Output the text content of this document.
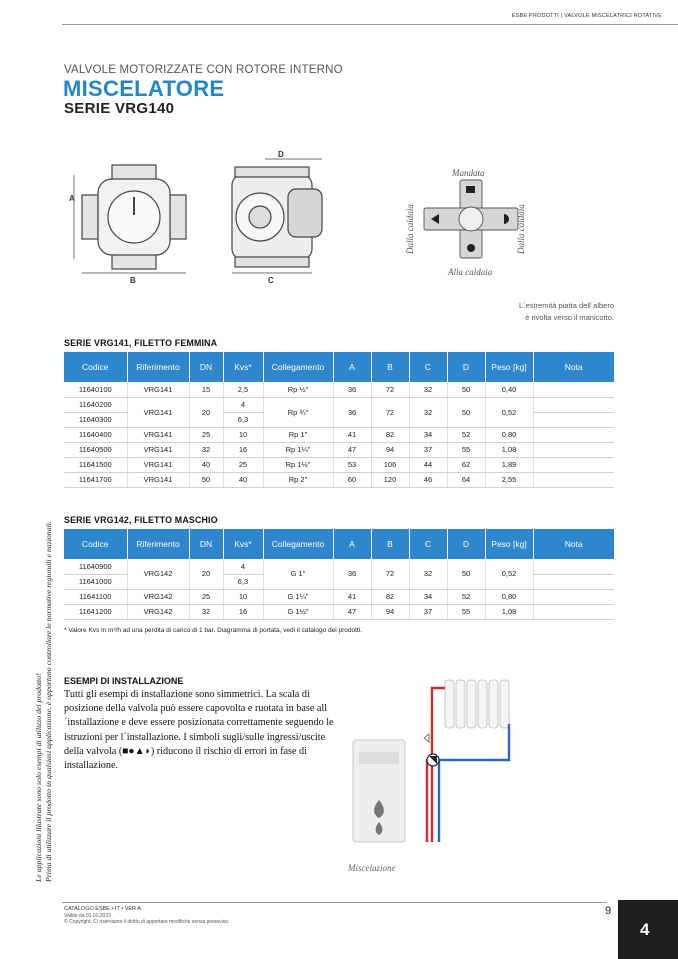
ESBE PRODOTTI | VALVOLE MISCELATRICI ROTATIVE
VALVOLE MOTORIZZATE CON ROTORE INTERNO
MISCELATORE
SERIE VRG140
A
B	C
D
Mandata
Alla caldaia
Dalla caldaia	Dalla caldaia
L´estremità piatta dell´albero
è rivolta verso il manicotto.
SERIE VRG141, FILETTO FEMMINA
Codice	Riferimento	DN	Kvs*	Collegamento	A	B	C	D	Peso [kg]	Nota
11640100	VRG141	15	2,5	Rp ½"	36	72	32	50	0,40	
11640200	VRG141	20	4	Rp ¾"	36	72	32	50	0,52	
11640300			6,3							
11640400	VRG141	25	10	Rp 1"	41	82	34	52	0,80	
11640500	VRG141	32	16	Rp 1¼"	47	94	37	55	1,08	
11641500	VRG141	40	25	Rp 1½"	53	106	44	62	1,89	
11641700	VRG141	50	40	Rp 2"	60	120	46	64	2,55	
SERIE VRG142, FILETTO MASCHIO
Codice	Riferimento	DN	Kvs*	Collegamento	A	B	C	D	Peso [kg]	Nota
11640900	VRG142	20	4	G 1"	36	72	32	50	0,52	
11641000			6,3							
11641100	VRG142	25	10	G 1¼"	41	82	34	52	0,80	
11641200	VRG142	32	16	G 1½"	47	94	37	55	1,08	
* Valore Kvs in m³/h ad una perdita di carico di 1 bar. Diagramma di portata, vedi il catalogo dei prodotti.
Le applicazioni illustrate sono solo esempi di utilizzo del prodotto! Prima di utilizzare il prodotto in qualsiasi applicazione, è opportuno controllare le normative regionali e nazionali. ESEMPI DI INSTALLAZIONE
Tutti gli esempi di installazione sono simmetrici. La scala di posizione della valvola può essere capovolta e ruotata in base all´installazione e deve essere posizionata correttamente seguendo le istruzioni per l´installazione. I simboli sugli/sulle ingressi/uscite della valvola (■●▲◗) riducono il rischio di errori in fase di installazione.
Miscelazione
CATALOGO ESBE • IT • VER A
Valido da 01.01.2023
© Copyright. Ci riserviamo il diritto di apportare modifiche senza preavviso.
9
4
